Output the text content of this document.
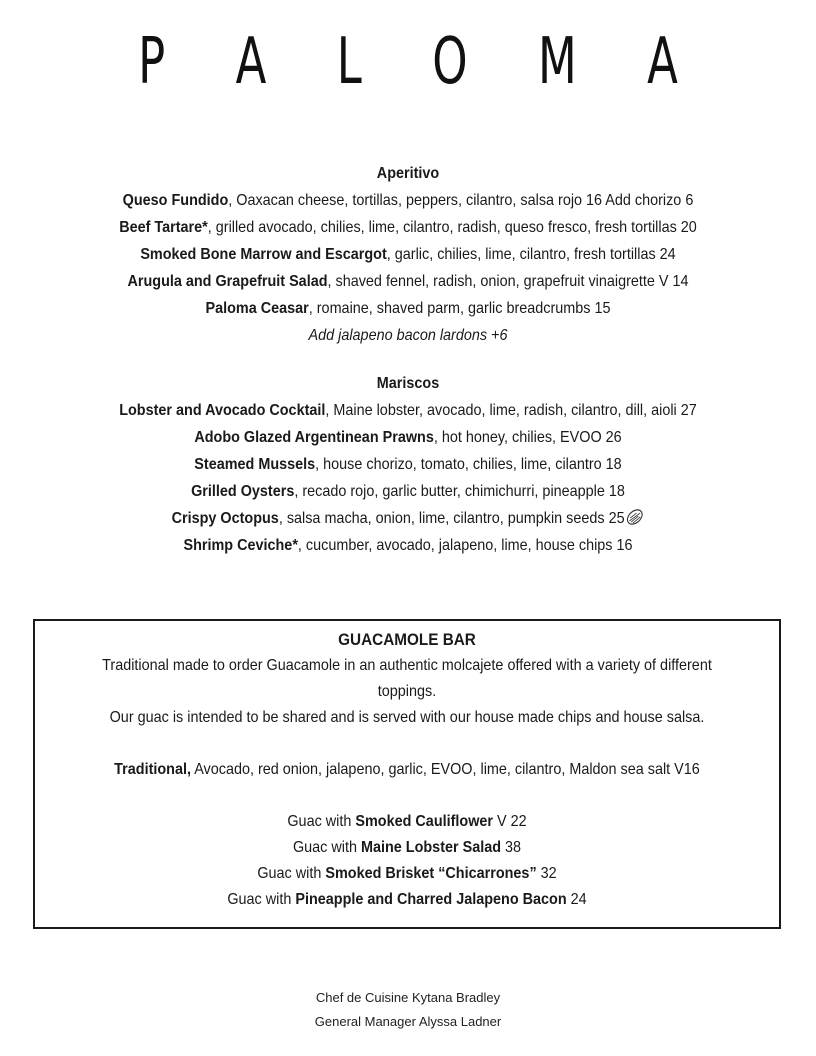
P A L O M A
Aperitivo
Queso Fundido, Oaxacan cheese, tortillas, peppers, cilantro, salsa rojo 16 Add chorizo 6
Beef Tartare*, grilled avocado, chilies, lime, cilantro, radish, queso fresco, fresh tortillas 20
Smoked Bone Marrow and Escargot, garlic, chilies, lime, cilantro, fresh tortillas 24
Arugula and Grapefruit Salad, shaved fennel, radish, onion, grapefruit vinaigrette V 14
Paloma Ceasar, romaine, shaved parm, garlic breadcrumbs 15
Add jalapeno bacon lardons +6
Mariscos
Lobster and Avocado Cocktail, Maine lobster, avocado, lime, radish, cilantro, dill, aioli 27
Adobo Glazed Argentinean Prawns, hot honey, chilies, EVOO 26
Steamed Mussels, house chorizo, tomato, chilies, lime, cilantro 18
Grilled Oysters, recado rojo, garlic butter, chimichurri, pineapple 18
Crispy Octopus, salsa macha, onion, lime, cilantro, pumpkin seeds 25
Shrimp Ceviche*, cucumber, avocado, jalapeno, lime, house chips 16
GUACAMOLE BAR
Traditional made to order Guacamole in an authentic molcajete offered with a variety of different
toppings.
Our guac is intended to be shared and is served with our house made chips and house salsa.
Traditional, Avocado, red onion, jalapeno, garlic, EVOO, lime, cilantro, Maldon sea salt V16
Guac with Smoked Cauliflower V 22
Guac with Maine Lobster Salad 38
Guac with Smoked Brisket “Chicarrones” 32
Guac with Pineapple and Charred Jalapeno Bacon 24
Chef de Cuisine Kytana Bradley
General Manager Alyssa Ladner
